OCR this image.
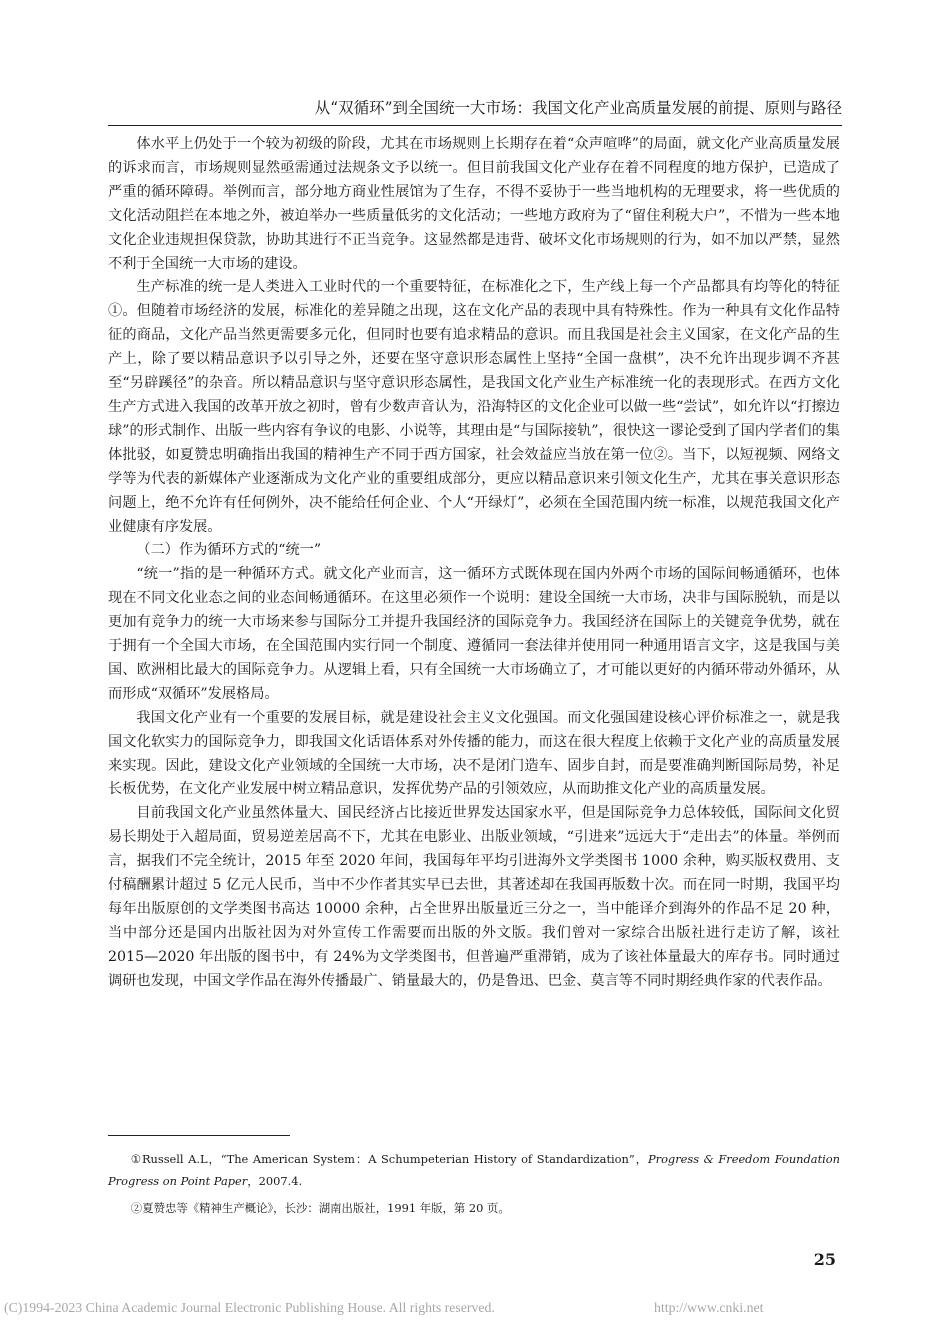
从“双循环”到全国统一大市场：我国文化产业高质量发展的前提、原则与路径

体水平上仍处于一个较为初级的阶段，尤其在市场规则上长期存在着“众声喧哗”的局面，就文化产业高质量发展的诉求而言，市场规则显然亟需通过法规条文予以统一。但目前我国文化产业存在着不同程度的地方保护，已造成了严重的循环障碍。举例而言，部分地方商业性展馆为了生存，不得不妥协于一些当地机构的无理要求，将一些优质的文化活动阻拦在本地之外，被迫举办一些质量低劣的文化活动；一些地方政府为了“留住利税大户”，不惜为一些本地文化企业违规担保贷款，协助其进行不正当竞争。这显然都是违背、破坏文化市场规则的行为，如不加以严禁，显然不利于全国统一大市场的建设。

生产标准的统一是人类进入工业时代的一个重要特征，在标准化之下，生产线上每一个产品都具有均等化的特征①。但随着市场经济的发展，标准化的差异随之出现，这在文化产品的表现中具有特殊性。作为一种具有文化作品特征的商品，文化产品当然更需要多元化，但同时也要有追求精品的意识。而且我国是社会主义国家，在文化产品的生产上，除了要以精品意识予以引导之外，还要在坚守意识形态属性上坚持“全国一盘棋”，决不允许出现步调不齐甚至“另辟蹊径”的杂音。所以精品意识与坚守意识形态属性，是我国文化产业生产标准统一化的表现形式。在西方文化生产方式进入我国的改革开放之初时，曾有少数声音认为，沿海特区的文化企业可以做一些“尝试”，如允许以“打擦边球”的形式制作、出版一些内容有争议的电影、小说等，其理由是“与国际接轨”，很快这一谬论受到了国内学者们的集体批驳，如夏赞忠明确指出我国的精神生产不同于西方国家，社会效益应当放在第一位②。当下，以短视频、网络文学等为代表的新媒体产业逐渐成为文化产业的重要组成部分，更应以精品意识来引领文化生产，尤其在事关意识形态问题上，绝不允许有任何例外，决不能给任何企业、个人“开绿灯”，必须在全国范围内统一标准，以规范我国文化产业健康有序发展。

（二）作为循环方式的“统一”

“统一”指的是一种循环方式。就文化产业而言，这一循环方式既体现在国内外两个市场的国际间畅通循环，也体现在不同文化业态之间的业态间畅通循环。在这里必须作一个说明：建设全国统一大市场，决非与国际脱轨，而是以更加有竞争力的统一大市场来参与国际分工并提升我国经济的国际竞争力。我国经济在国际上的关键竞争优势，就在于拥有一个全国大市场，在全国范围内实行同一个制度、遵循同一套法律并使用同一种通用语言文字，这是我国与美国、欧洲相比最大的国际竞争力。从逻辑上看，只有全国统一大市场确立了，才可能以更好的内循环带动外循环，从而形成“双循环”发展格局。

我国文化产业有一个重要的发展目标，就是建设社会主义文化强国。而文化强国建设核心评价标准之一，就是我国文化软实力的国际竞争力，即我国文化话语体系对外传播的能力，而这在很大程度上依赖于文化产业的高质量发展来实现。因此，建设文化产业领域的全国统一大市场，决不是闭门造车、固步自封，而是要准确判断国际局势，补足长板优势，在文化产业发展中树立精品意识，发挥优势产品的引领效应，从而助推文化产业的高质量发展。

目前我国文化产业虽然体量大、国民经济占比接近世界发达国家水平，但是国际竞争力总体较低，国际间文化贸易长期处于入超局面，贸易逆差居高不下，尤其在电影业、出版业领域，“引进来”远远大于“走出去”的体量。举例而言，据我们不完全统计，2015 年至 2020 年间，我国每年平均引进海外文学类图书 1000 余种，购买版权费用、支付稿酬累计超过 5 亿元人民币，当中不少作者其实早已去世，其著述却在我国再版数十次。而在同一时期，我国平均每年出版原创的文学类图书高达 10000 余种，占全世界出版量近三分之一，当中能译介到海外的作品不足 20 种，当中部分还是国内出版社因为对外宣传工作需要而出版的外文版。我们曾对一家综合出版社进行走访了解，该社 2015—2020 年出版的图书中，有 24%为文学类图书，但普遍严重滞销，成为了该社体量最大的库存书。同时通过调研也发现，中国文学作品在海外传播最广、销量最大的，仍是鲁迅、巴金、莫言等不同时期经典作家的代表作品。

①Russell A.L，“The American System：A Schumpeterian History of Standardization”，Progress & Freedom Foundation Progress on Point Paper，2007.4.

②夏赞忠等《精神生产概论》，长沙：湖南出版社，1991 年版，第 20 页。

25
(C)1994-2023 China Academic Journal Electronic Publishing House. All rights reserved.	http://www.cnki.net
